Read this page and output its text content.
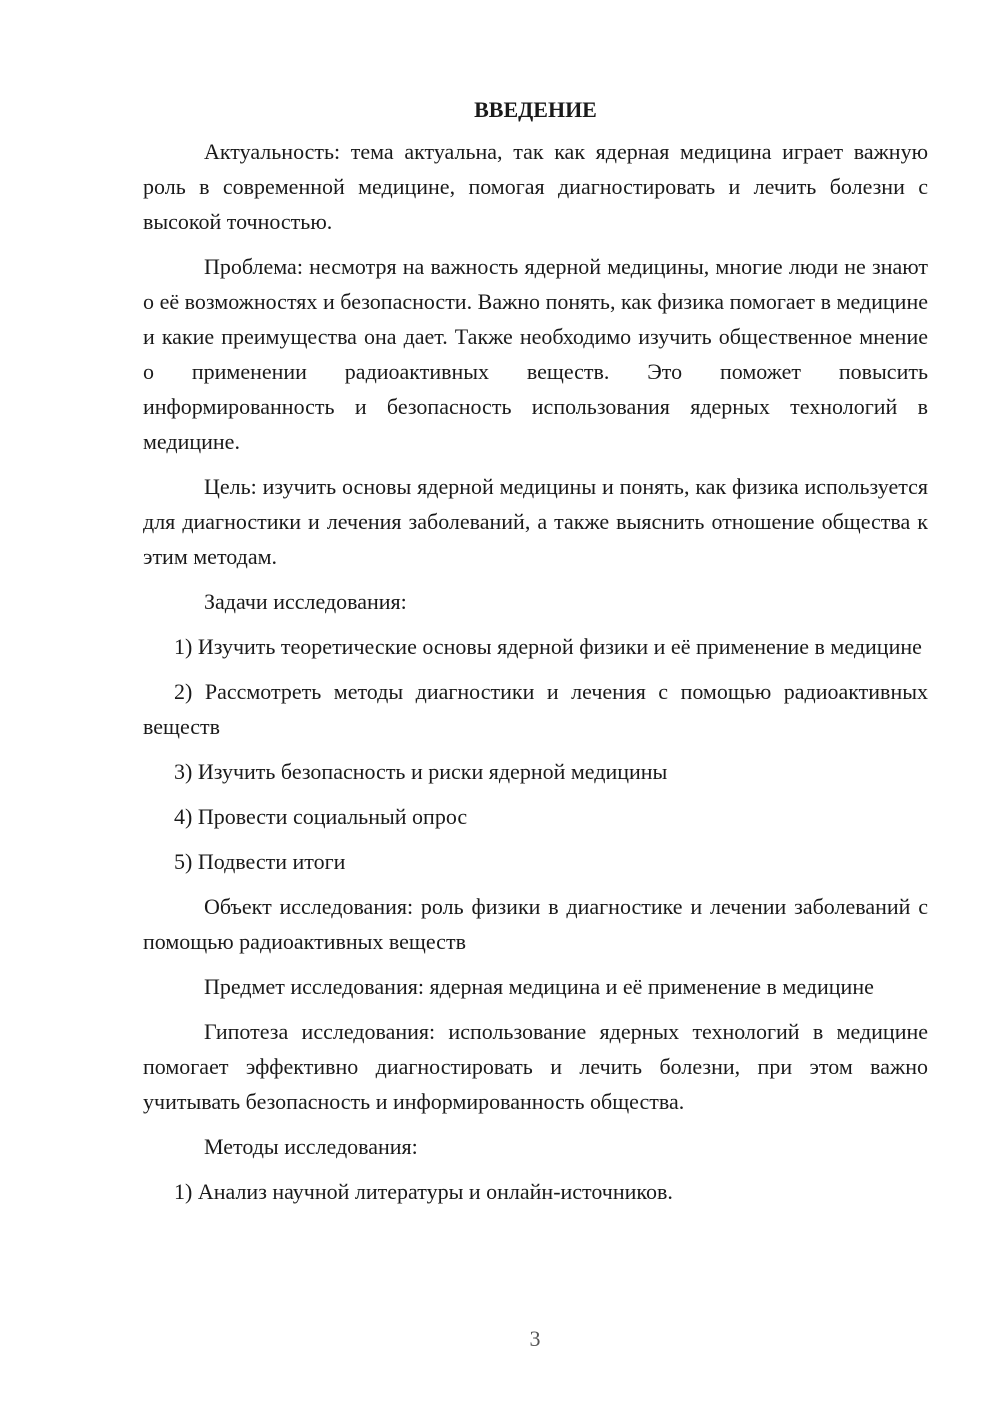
ВВЕДЕНИЕ

Актуальность: тема актуальна, так как ядерная медицина играет важную роль в современной медицине, помогая диагностировать и лечить болезни с высокой точностью.

Проблема: несмотря на важность ядерной медицины, многие люди не знают о её возможностях и безопасности. Важно понять, как физика помогает в медицине и какие преимущества она дает. Также необходимо изучить общественное мнение о применении радиоактивных веществ. Это поможет повысить информированность и безопасность использования ядерных технологий в медицине.

Цель: изучить основы ядерной медицины и понять, как физика используется для диагностики и лечения заболеваний, а также выяснить отношение общества к этим методам.

Задачи исследования:

1) Изучить теоретические основы ядерной физики и её применение в медицине

2) Рассмотреть методы диагностики и лечения с помощью радиоактивных веществ

3) Изучить безопасность и риски ядерной медицины

4) Провести социальный опрос

5) Подвести итоги

Объект исследования: роль физики в диагностике и лечении заболеваний с помощью радиоактивных веществ

Предмет исследования: ядерная медицина и её применение в медицине

Гипотеза исследования: использование ядерных технологий в медицине помогает эффективно диагностировать и лечить болезни, при этом важно учитывать безопасность и информированность общества.

Методы исследования:

1) Анализ научной литературы и онлайн-источников.

3
